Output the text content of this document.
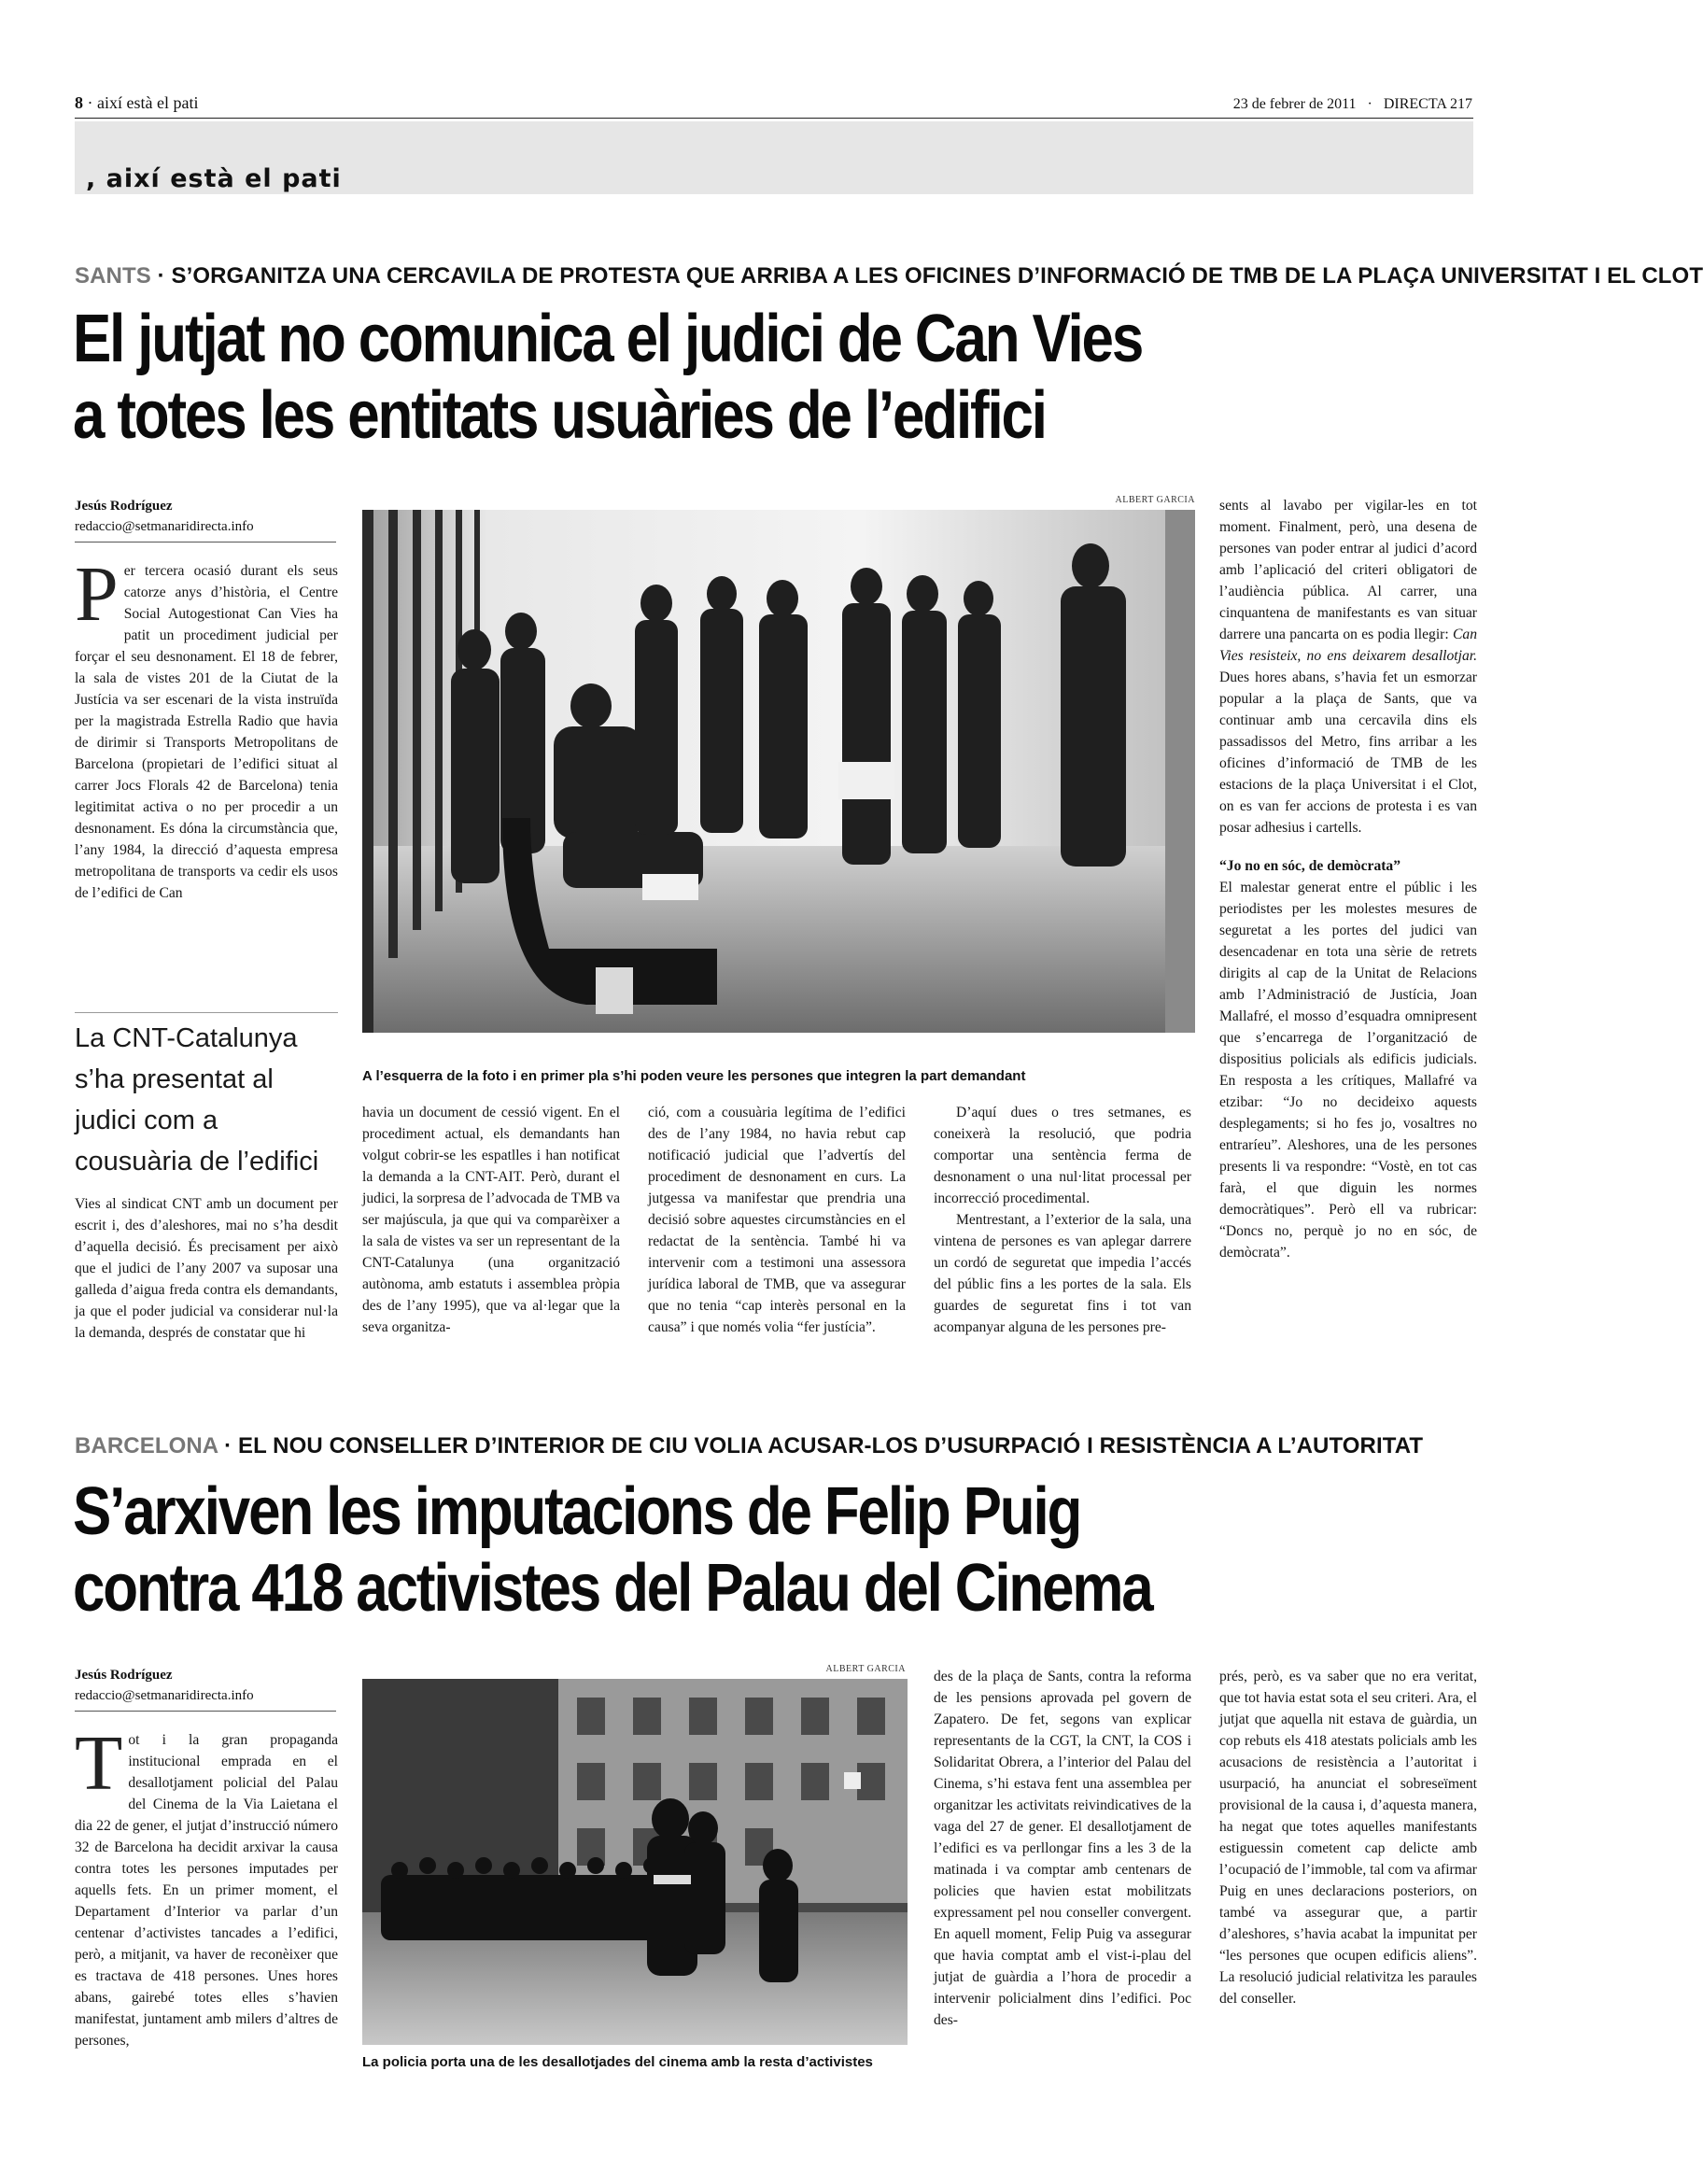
8 · així està el pati	23 de febrer de 2011 · DIRECTA 217
, així està el pati
SANTS · S’ORGANITZA UNA CERCAVILA DE PROTESTA QUE ARRIBA A LES OFICINES D’INFORMACIÓ DE TMB DE LA PLAÇA UNIVERSITAT I EL CLOT
El jutjat no comunica el judici de Can Vies
a totes les entitats usuàries de l’edifici
Jesús Rodríguez
redaccio@setmanaridirecta.info

Per tercera ocasió durant els seus catorze anys d’història, el Centre Social Autogestionat Can Vies ha patit un procediment judicial per forçar el seu desnonament. El 18 de febrer, la sala de vistes 201 de la Ciutat de la Justícia va ser escenari de la vista instruïda per la magistrada Estrella Radio que havia de dirimir si Transports Metropolitans de Barcelona (propietari de l’edifici situat al carrer Jocs Florals 42 de Barcelona) tenia legitimitat activa o no per procedir a un desnonament. Es dóna la circumstància que, l’any 1984, la direcció d’aquesta empresa metropolitana de transports va cedir els usos de l’edifici de Can

La CNT-Catalunya s’ha presentat al judici com a cousuària de l’edifici

Vies al sindicat CNT amb un document per escrit i, des d’aleshores, mai no s’ha desdit d’aquella decisió. És precisament per això que el judici de l’any 2007 va suposar una galleda d’aigua freda contra els demandants, ja que el poder judicial va considerar nul·la la demanda, després de constatar que hi

ALBERT GARCIA
A l’esquerra de la foto i en primer pla s’hi poden veure les persones que integren la part demandant

havia un document de cessió vigent. En el procediment actual, els demandants han volgut cobrir-se les espatlles i han notificat la demanda a la CNT-AIT. Però, durant el judici, la sorpresa de l’advocada de TMB va ser majúscula, ja que qui va comparèixer a la sala de vistes va ser un representant de la CNT-Catalunya (una organització autònoma, amb estatuts i assemblea pròpia des de l’any 1995), que va al·legar que la seva organitza-

ció, com a cousuària legítima de l’edifici des de l’any 1984, no havia rebut cap notificació judicial que l’advertís del procediment de desnonament en curs. La jutgessa va manifestar que prendria una decisió sobre aquestes circumstàncies en el redactat de la sentència. També hi va intervenir com a testimoni una assessora jurídica laboral de TMB, que va assegurar que no tenia “cap interès personal en la causa” i que només volia “fer justícia”.

D’aquí dues o tres setmanes, es coneixerà la resolució, que podria comportar una sentència ferma de desnonament o una nul·litat processal per incorrecció procedimental.

Mentrestant, a l’exterior de la sala, una vintena de persones es van aplegar darrere un cordó de seguretat que impedia l’accés del públic fins a les portes de la sala. Els guardes de seguretat fins i tot van acompanyar alguna de les persones pre-

sents al lavabo per vigilar-les en tot moment. Finalment, però, una desena de persones van poder entrar al judici d’acord amb l’aplicació del criteri obligatori de l’audiència pública. Al carrer, una cinquantena de manifestants es van situar darrere una pancarta on es podia llegir: Can Vies resisteix, no ens deixarem desallotjar. Dues hores abans, s’havia fet un esmorzar popular a la plaça de Sants, que va continuar amb una cercavila dins els passadissos del Metro, fins arribar a les oficines d’informació de TMB de les estacions de la plaça Universitat i el Clot, on es van fer accions de protesta i es van posar adhesius i cartells.

“Jo no en sóc, de demòcrata”

El malestar generat entre el públic i les periodistes per les molestes mesures de seguretat a les portes del judici van desencadenar en tota una sèrie de retrets dirigits al cap de la Unitat de Relacions amb l’Administració de Justícia, Joan Mallafré, el mosso d’esquadra omnipresent que s’encarrega de l’organització de dispositius policials als edificis judicials. En resposta a les crítiques, Mallafré va etzibar: “Jo no decideixo aquests desplegaments; si ho fes jo, vosaltres no entraríeu”. Aleshores, una de les persones presents li va respondre: “Vostè, en tot cas farà, el que diguin les normes democràtiques”. Però ell va rubricar: “Doncs no, perquè jo no en sóc, de demòcrata”.

BARCELONA · EL NOU CONSELLER D’INTERIOR DE CIU VOLIA ACUSAR-LOS D’USURPACIÓ I RESISTÈNCIA A L’AUTORITAT
S’arxiven les imputacions de Felip Puig
contra 418 activistes del Palau del Cinema
Jesús Rodríguez
redaccio@setmanaridirecta.info

Tot i la gran propaganda institucional emprada en el desallotjament policial del Palau del Cinema de la Via Laietana el dia 22 de gener, el jutjat d’instrucció número 32 de Barcelona ha decidit arxivar la causa contra totes les persones imputades per aquells fets. En un primer moment, el Departament d’Interior va parlar d’un centenar d’activistes tancades a l’edifici, però, a mitjanit, va haver de reconèixer que es tractava de 418 persones. Unes hores abans, gairebé totes elles s’havien manifestat, juntament amb milers d’altres de persones,

ALBERT GARCIA
La policia porta una de les desallotjades del cinema amb la resta d’activistes

des de la plaça de Sants, contra la reforma de les pensions aprovada pel govern de Zapatero. De fet, segons van explicar representants de la CGT, la CNT, la COS i Solidaritat Obrera, a l’interior del Palau del Cinema, s’hi estava fent una assemblea per organitzar les activitats reivindicatives de la vaga del 27 de gener. El desallotjament de l’edifici es va perllongar fins a les 3 de la matinada i va comptar amb centenars de policies que havien estat mobilitzats expressament pel nou conseller convergent. En aquell moment, Felip Puig va assegurar que havia comptat amb el vist-i-plau del jutjat de guàrdia a l’hora de procedir a intervenir policialment dins l’edifici. Poc des-

prés, però, es va saber que no era veritat, que tot havia estat sota el seu criteri. Ara, el jutjat que aquella nit estava de guàrdia, un cop rebuts els 418 atestats policials amb les acusacions de resistència a l’autoritat i usurpació, ha anunciat el sobreseïment provisional de la causa i, d’aquesta manera, ha negat que totes aquelles manifestants estiguessin cometent cap delicte amb l’ocupació de l’immoble, tal com va afirmar Puig en unes declaracions posteriors, on també va assegurar que, a partir d’aleshores, s’havia acabat la impunitat per “les persones que ocupen edificis aliens”. La resolució judicial relativitza les paraules del conseller.
